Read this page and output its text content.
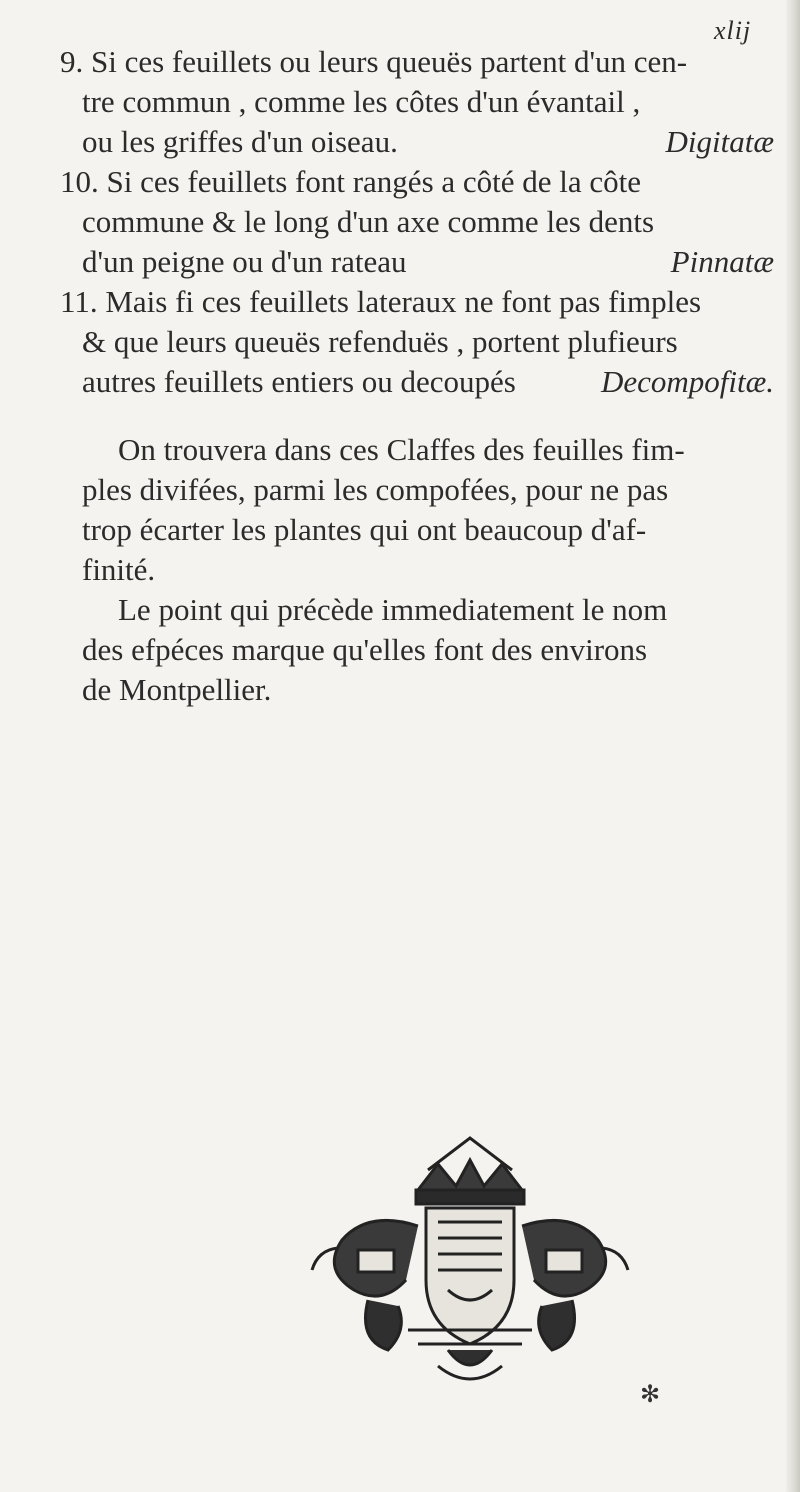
xlij
9. Si ces feuillets ou leurs queuës partent d'un cen-
tre commun , comme les côtes d'un évantail ,
ou les griffes d'un oiseau.	Digitatæ
10. Si ces feuillets font rangés a côté de la côte
commune & le long d'un axe comme les dents
d'un peigne ou d'un rateau	Pinnatæ
11. Mais fi ces feuillets lateraux ne font pas fimples
& que leurs queuës refenduës , portent plufieurs
autres feuillets entiers ou decoupés	Decompofitæ.
On trouvera dans ces Claffes des feuilles fim-
ples divifées, parmi les compofées, pour ne pas
trop écarter les plantes qui ont beaucoup d'af-
finité.
Le point qui précède immediatement le nom
des efpéces marque qu'elles font des environs
de Montpellier.
✻
